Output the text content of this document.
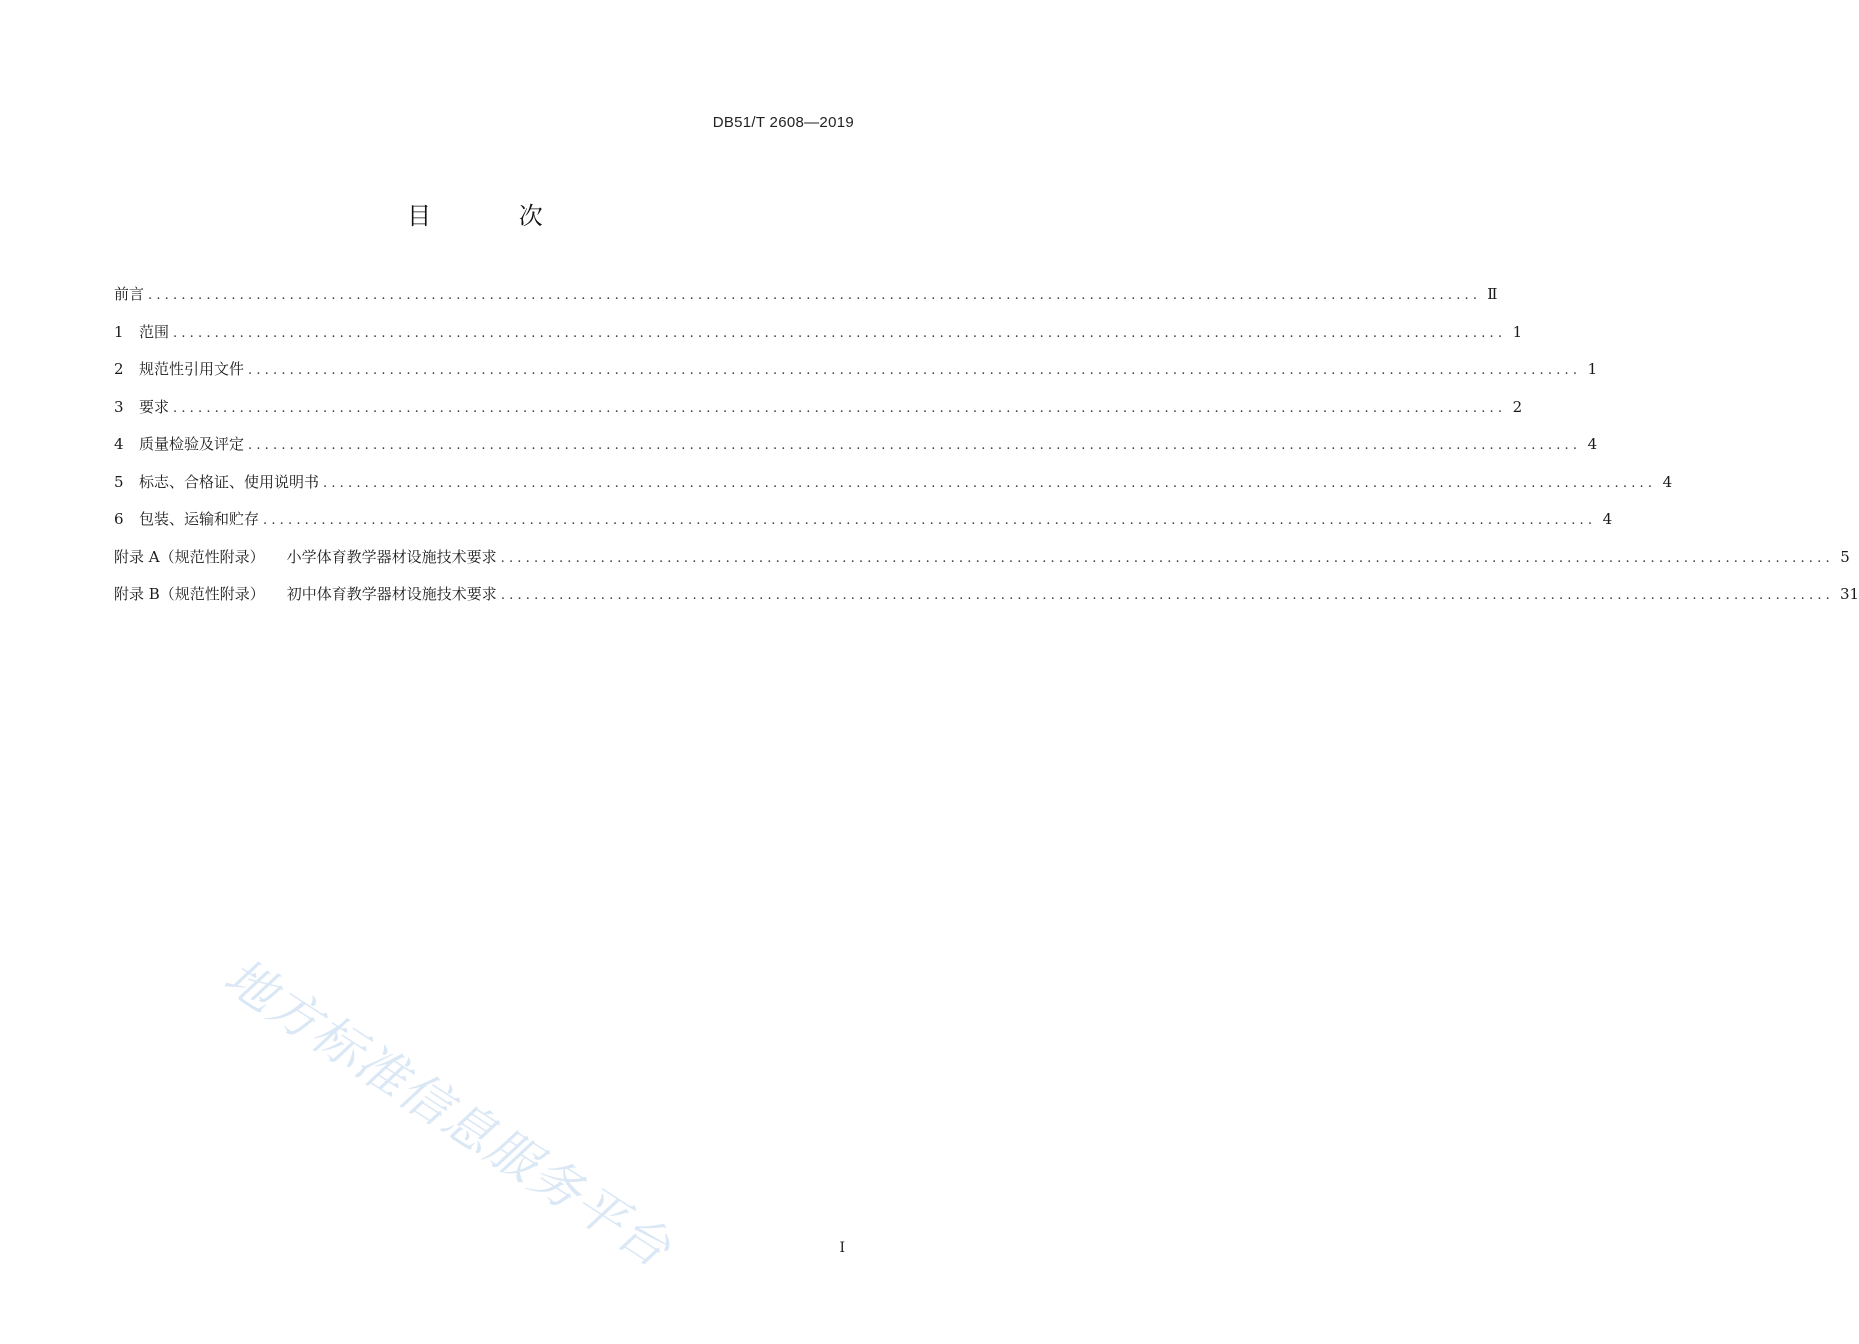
DB51/T 2608—2019
目 次
前言 ................................................................................................................................................................ Ⅱ
1	范围 ................................................................................................................................................................ 1
2	规范性引用文件 ................................................................................................................................................................ 1
3	要求 ................................................................................................................................................................ 2
4	质量检验及评定 ................................................................................................................................................................ 4
5	标志、合格证、使用说明书 ................................................................................................................................................................ 4
6	包装、运输和贮存 ................................................................................................................................................................ 4
附录 A（规范性附录） 小学体育教学器材设施技术要求 ................................................................................................................................................................ 5
附录 B（规范性附录） 初中体育教学器材设施技术要求 ................................................................................................................................................................ 31
地方标准信息服务平台	I
